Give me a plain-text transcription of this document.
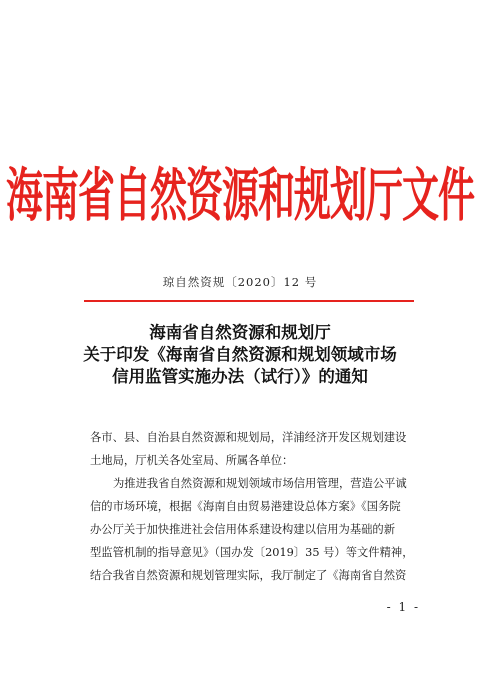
海南省自然资源和规划厅文件
琼自然资规〔2020〕12 号
海南省自然资源和规划厅
关于印发《海南省自然资源和规划领域市场
信用监管实施办法（试行）》的通知
各市、县、自治县自然资源和规划局，洋浦经济开发区规划建设
土地局，厅机关各处室局、所属各单位：
为推进我省自然资源和规划领域市场信用管理，营造公平诚
信的市场环境，根据《海南自由贸易港建设总体方案》《国务院
办公厅关于加快推进社会信用体系建设构建以信用为基础的新
型监管机制的指导意见》（国办发〔2019〕35 号）等文件精神，
结合我省自然资源和规划管理实际，我厅制定了《海南省自然资
- 1 -
